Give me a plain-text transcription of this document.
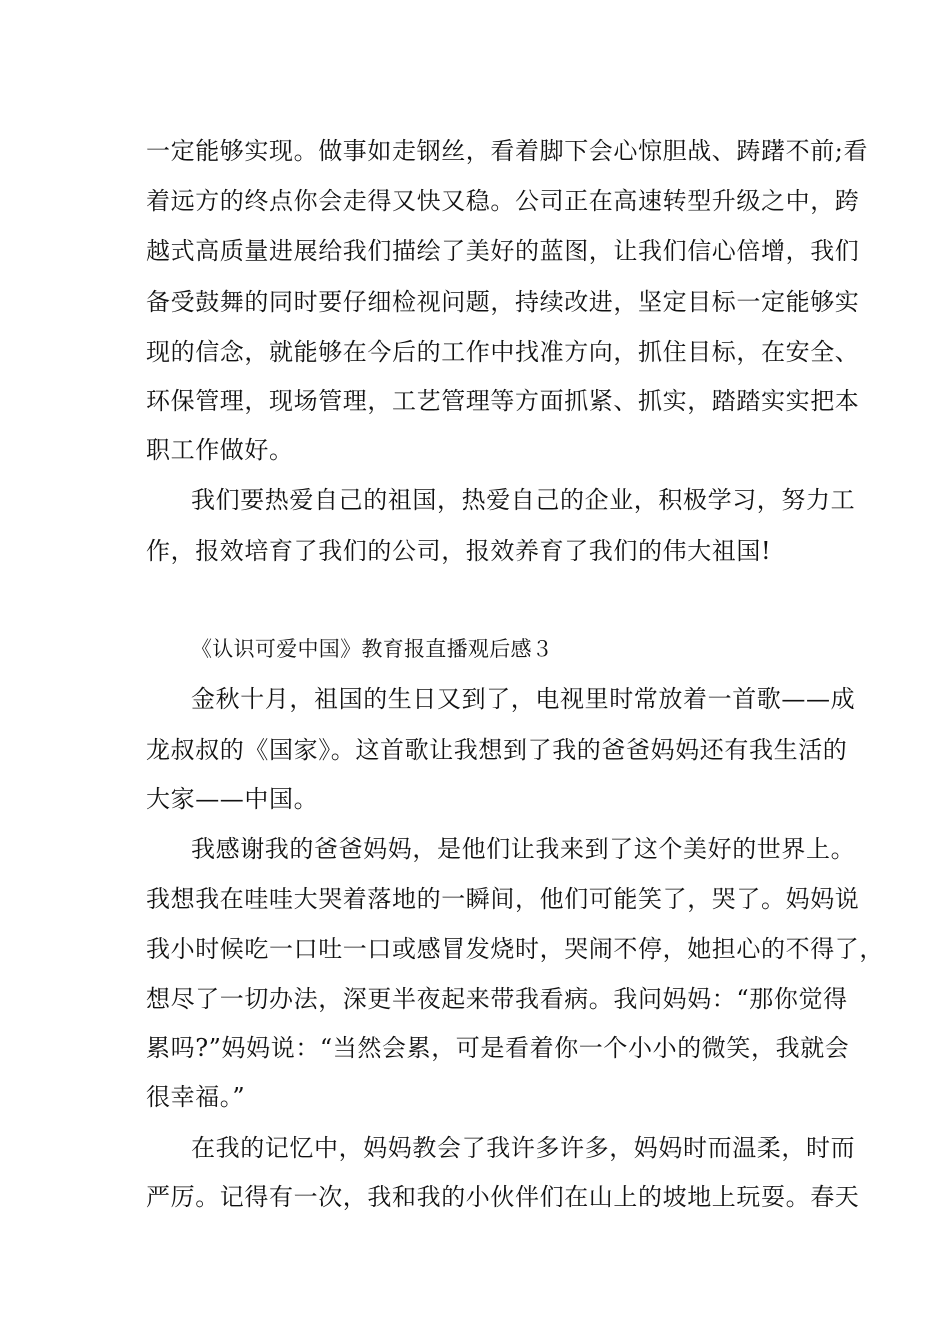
一定能够实现。做事如走钢丝，看着脚下会心惊胆战、踌躇不前;看
着远方的终点你会走得又快又稳。公司正在高速转型升级之中，跨
越式高质量进展给我们描绘了美好的蓝图，让我们信心倍增，我们
备受鼓舞的同时要仔细检视问题，持续改进，坚定目标一定能够实
现的信念，就能够在今后的工作中找准方向，抓住目标，在安全、
环保管理，现场管理，工艺管理等方面抓紧、抓实，踏踏实实把本
职工作做好。
我们要热爱自己的祖国，热爱自己的企业，积极学习，努力工
作，报效培育了我们的公司，报效养育了我们的伟大祖国!
《认识可爱中国》教育报直播观后感３
金秋十月，祖国的生日又到了，电视里时常放着一首歌——成
龙叔叔的《国家》。这首歌让我想到了我的爸爸妈妈还有我生活的
大家——中国。
我感谢我的爸爸妈妈，是他们让我来到了这个美好的世界上。
我想我在哇哇大哭着落地的一瞬间，他们可能笑了，哭了。妈妈说
我小时候吃一口吐一口或感冒发烧时，哭闹不停，她担心的不得了，
想尽了一切办法，深更半夜起来带我看病。我问妈妈：“那你觉得
累吗?”妈妈说：“当然会累，可是看着你一个小小的微笑，我就会
很幸福。”
在我的记忆中，妈妈教会了我许多许多，妈妈时而温柔，时而
严厉。记得有一次，我和我的小伙伴们在山上的坡地上玩耍。春天
